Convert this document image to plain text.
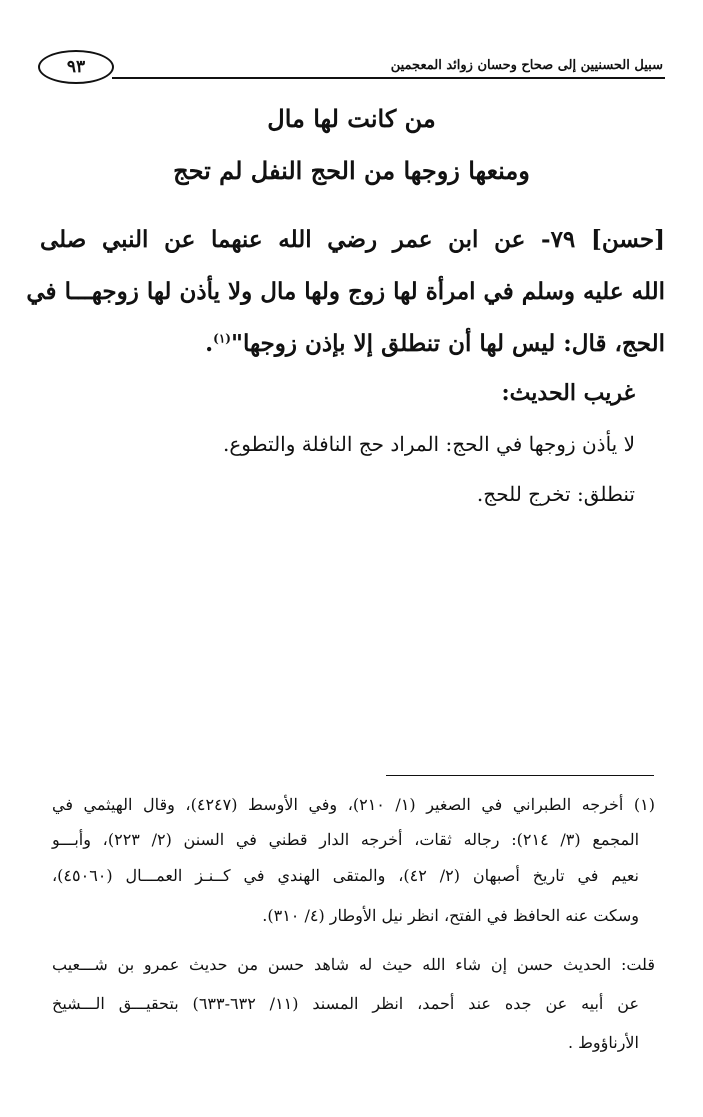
سبيل الحسنيين إلى صحاح وحسان زوائد المعجمين
٩٣
من كانت لها مال
ومنعها زوجها من الحج النفل لم تحج
[حسن] ٧٩- عن ابن عمر رضي الله عنهما عن النبي صلى
الله عليه وسلم في امرأة لها زوج ولها مال ولا يأذن لها زوجهـــا في
الحج، قال: ليس لها أن تنطلق إلا بإذن زوجها"$^{(١)}$.
غريب الحديث:
لا يأذن زوجها في الحج: المراد حج النافلة والتطوع.
تنطلق: تخرج للحج.
(١) أخرجه الطبراني في الصغير (١/ ٢١٠)، وفي الأوسط (٤٢٤٧)، وقال الهيثمي في
المجمع (٣/ ٢١٤): رجاله ثقات، أخرجه الدار قطني في السنن (٢/ ٢٢٣)، وأبـــو
نعيم في تاريخ أصبهان (٢/ ٤٢)، والمتقى الهندي في كــنـز العمـــال (٤٥٠٦٠)،
وسكت عنه الحافظ في الفتح، انظر نيل الأوطار (٤/ ٣١٠).
قلت: الحديث حسن إن شاء الله حيث له شاهد حسن من حديث عمرو بن شـــعيب
عن أبيه عن جده عند أحمد، انظر المسند (١١/ ٦٣٢-٦٣٣) بتحقيـــق الـــشيخ
الأرناؤوط .
